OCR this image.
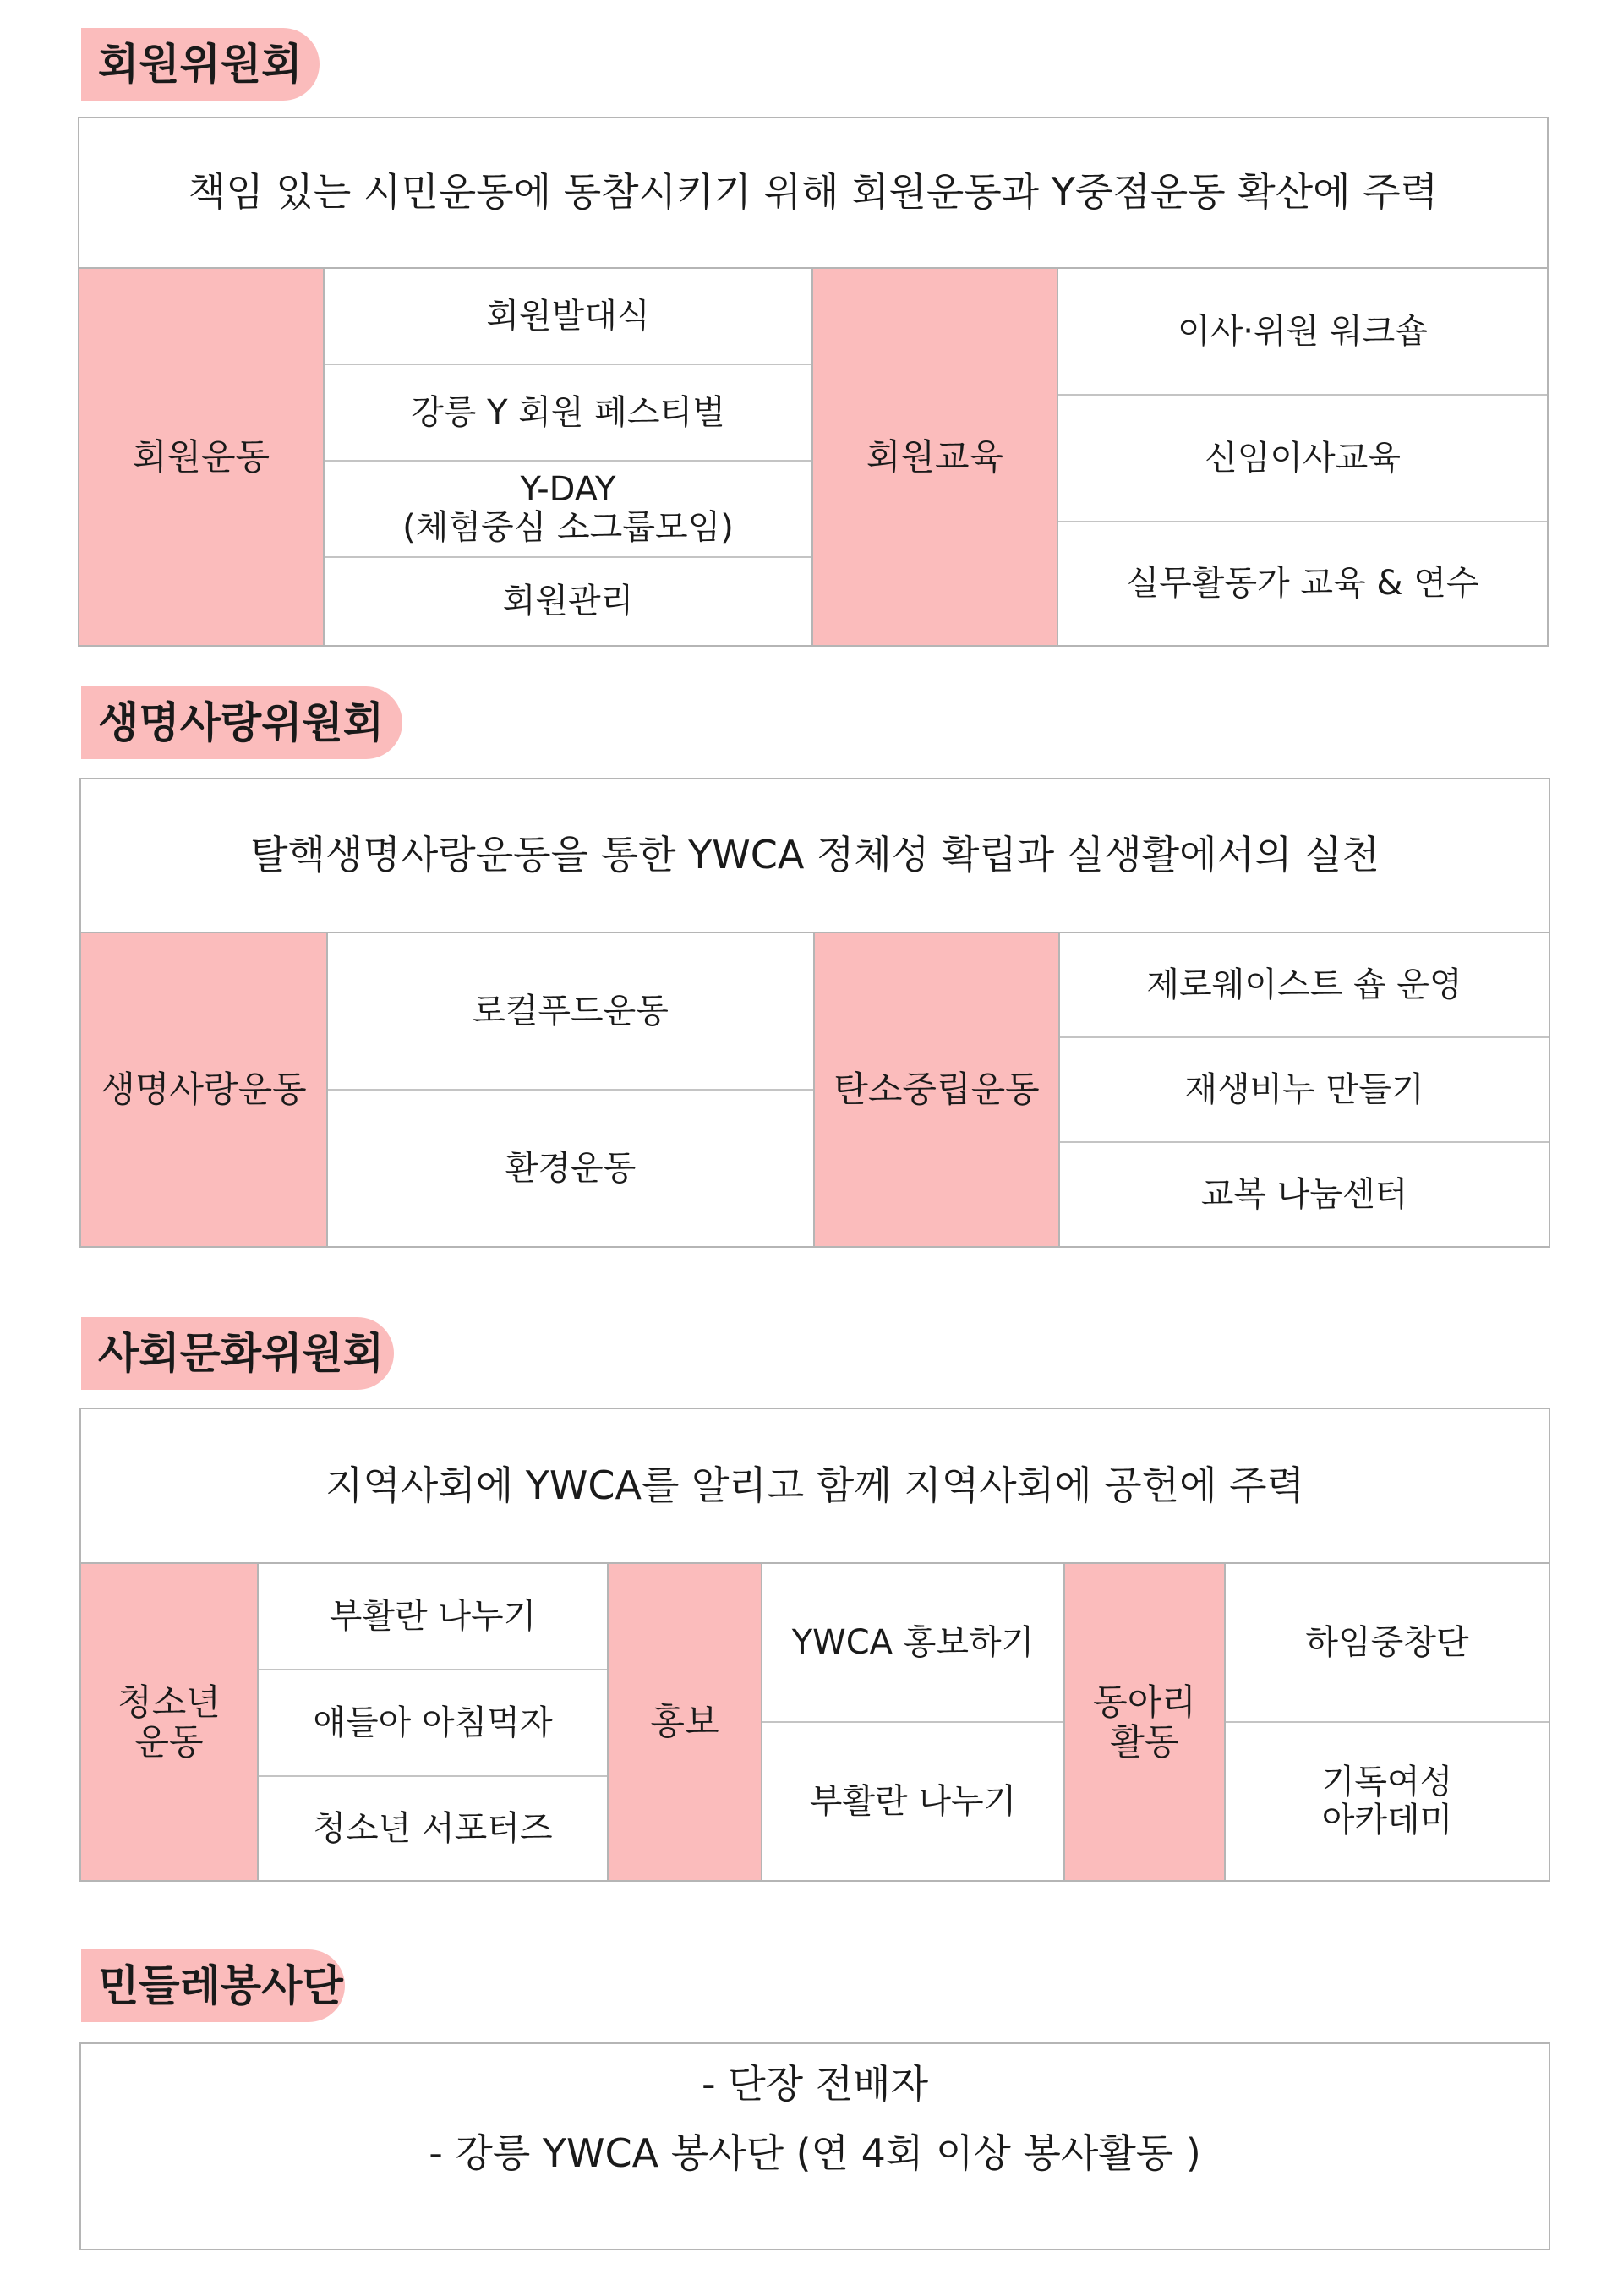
회원위원회
책임 있는 시민운동에 동참시키기 위해 회원운동과 Y중점운동 확산에 주력
회원운동
회원발대식
강릉 Y 회원 페스티벌
Y-DAY
(체험중심 소그룹모임)
회원관리
회원교육
이사·위원 워크숍
신임이사교육
실무활동가 교육 & 연수
생명사랑위원회
탈핵생명사랑운동을 통한 YWCA 정체성 확립과 실생활에서의 실천
생명사랑운동
로컬푸드운동
환경운동
탄소중립운동
제로웨이스트 숍 운영
재생비누 만들기
교복 나눔센터
사회문화위원회
지역사회에 YWCA를 알리고 함께 지역사회에 공헌에 주력
청소년
운동
부활란 나누기
얘들아 아침먹자
청소년 서포터즈
홍보
YWCA 홍보하기
부활란 나누기
동아리
활동
하임중창단
기독여성
아카데미
민들레봉사단
- 단장 전배자
- 강릉 YWCA 봉사단 (연 4회 이상 봉사활동 )
